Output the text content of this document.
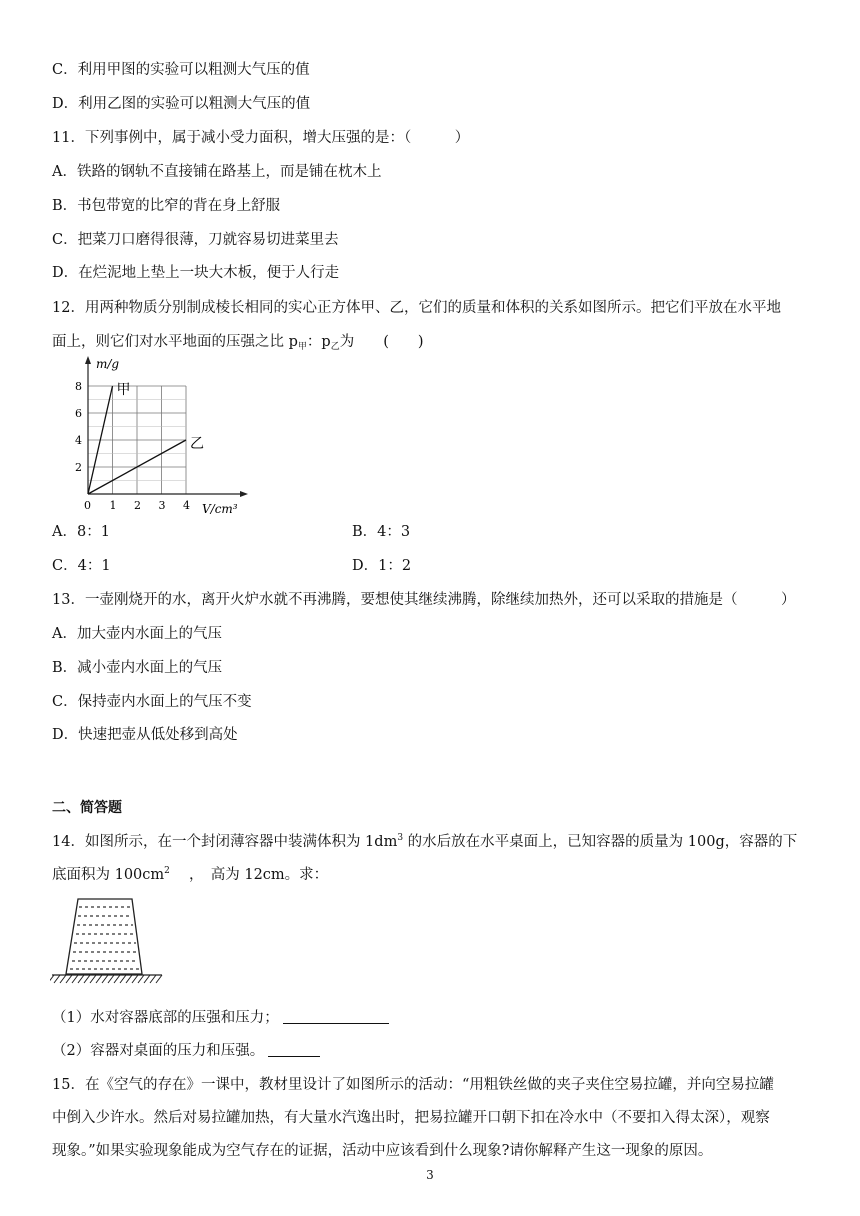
C．利用甲图的实验可以粗测大气压的值
D．利用乙图的实验可以粗测大气压的值
11．下列事例中，属于减小受力面积，增大压强的是：（　　　）
A．铁路的钢轨不直接铺在路基上，而是铺在枕木上
B．书包带宽的比窄的背在身上舒服
C．把菜刀口磨得很薄，刀就容易切进菜里去
D．在烂泥地上垫上一块大木板，便于人行走
12．用两种物质分别制成棱长相同的实心正方体甲、乙，它们的质量和体积的关系如图所示。把它们平放在水平地
面上，则它们对水平地面的压强之比 $p_甲$：$p_乙$为　　(　　)
甲
乙
1 2 3 4
2
4
6
8
0
m/g
V/cm³
A．8：1	B．4：3
C．4：1	D．1：2
13．一壶刚烧开的水，离开火炉水就不再沸腾，要想使其继续沸腾，除继续加热外，还可以采取的措施是（　　　）
A．加大壶内水面上的气压
B．减小壶内水面上的气压
C．保持壶内水面上的气压不变
D．快速把壶从低处移到高处
二、简答题
14．如图所示，在一个封闭薄容器中装满体积为 $1dm^3$ 的水后放在水平桌面上，已知容器的质量为 100g，容器的下
底面积为 $100cm^2$　 ，　高为 12cm。求：
（1）水对容器底部的压强和压力；
（2）容器对桌面的压力和压强。
15．在《空气的存在》一课中，教材里设计了如图所示的活动：“用粗铁丝做的夹子夹住空易拉罐，并向空易拉罐
中倒入少许水。然后对易拉罐加热，有大量水汽逸出时，把易拉罐开口朝下扣在冷水中（不要扣入得太深），观察
现象。”如果实验现象能成为空气存在的证据，活动中应该看到什么现象?请你解释产生这一现象的原因。
3
